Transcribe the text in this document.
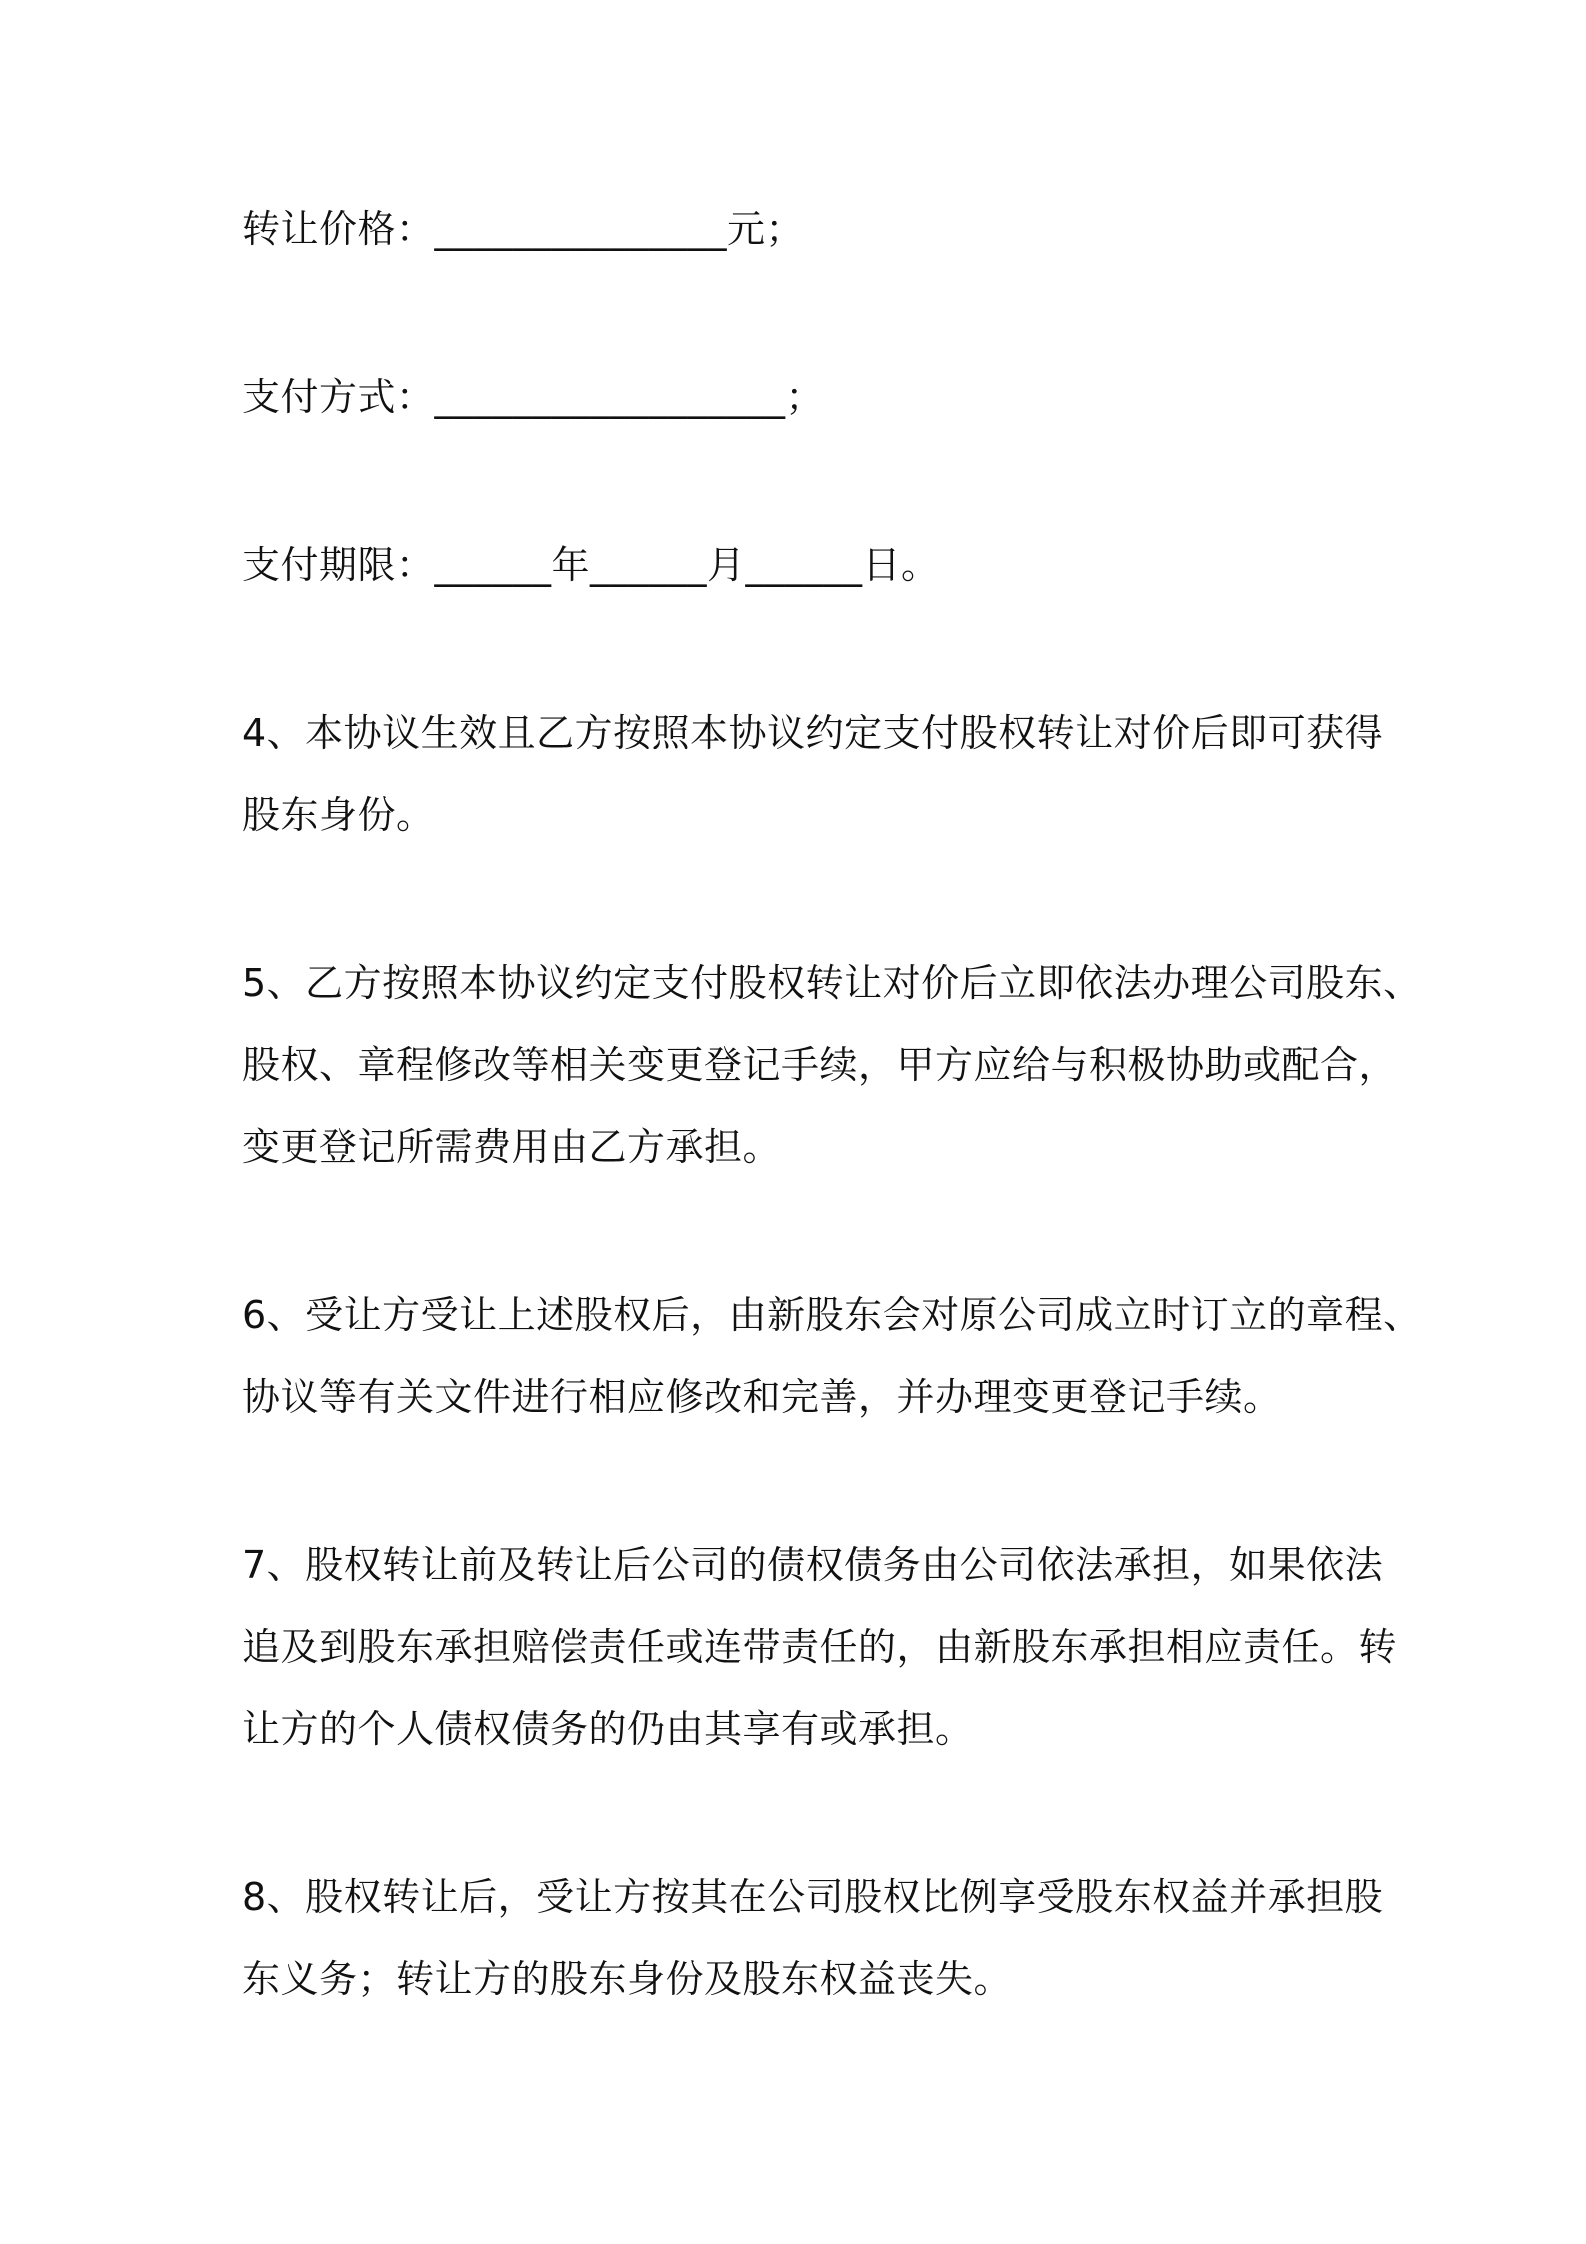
转让价格：_______________元；
支付方式：__________________；
支付期限：______年______月______日。
4、本协议生效且乙方按照本协议约定支付股权转让对价后即可获得
股东身份。
5、乙方按照本协议约定支付股权转让对价后立即依法办理公司股东、
股权、章程修改等相关变更登记手续，甲方应给与积极协助或配合，
变更登记所需费用由乙方承担。
6、受让方受让上述股权后，由新股东会对原公司成立时订立的章程、
协议等有关文件进行相应修改和完善，并办理变更登记手续。
7、股权转让前及转让后公司的债权债务由公司依法承担，如果依法
追及到股东承担赔偿责任或连带责任的，由新股东承担相应责任。转
让方的个人债权债务的仍由其享有或承担。
8、股权转让后，受让方按其在公司股权比例享受股东权益并承担股
东义务；转让方的股东身份及股东权益丧失。
